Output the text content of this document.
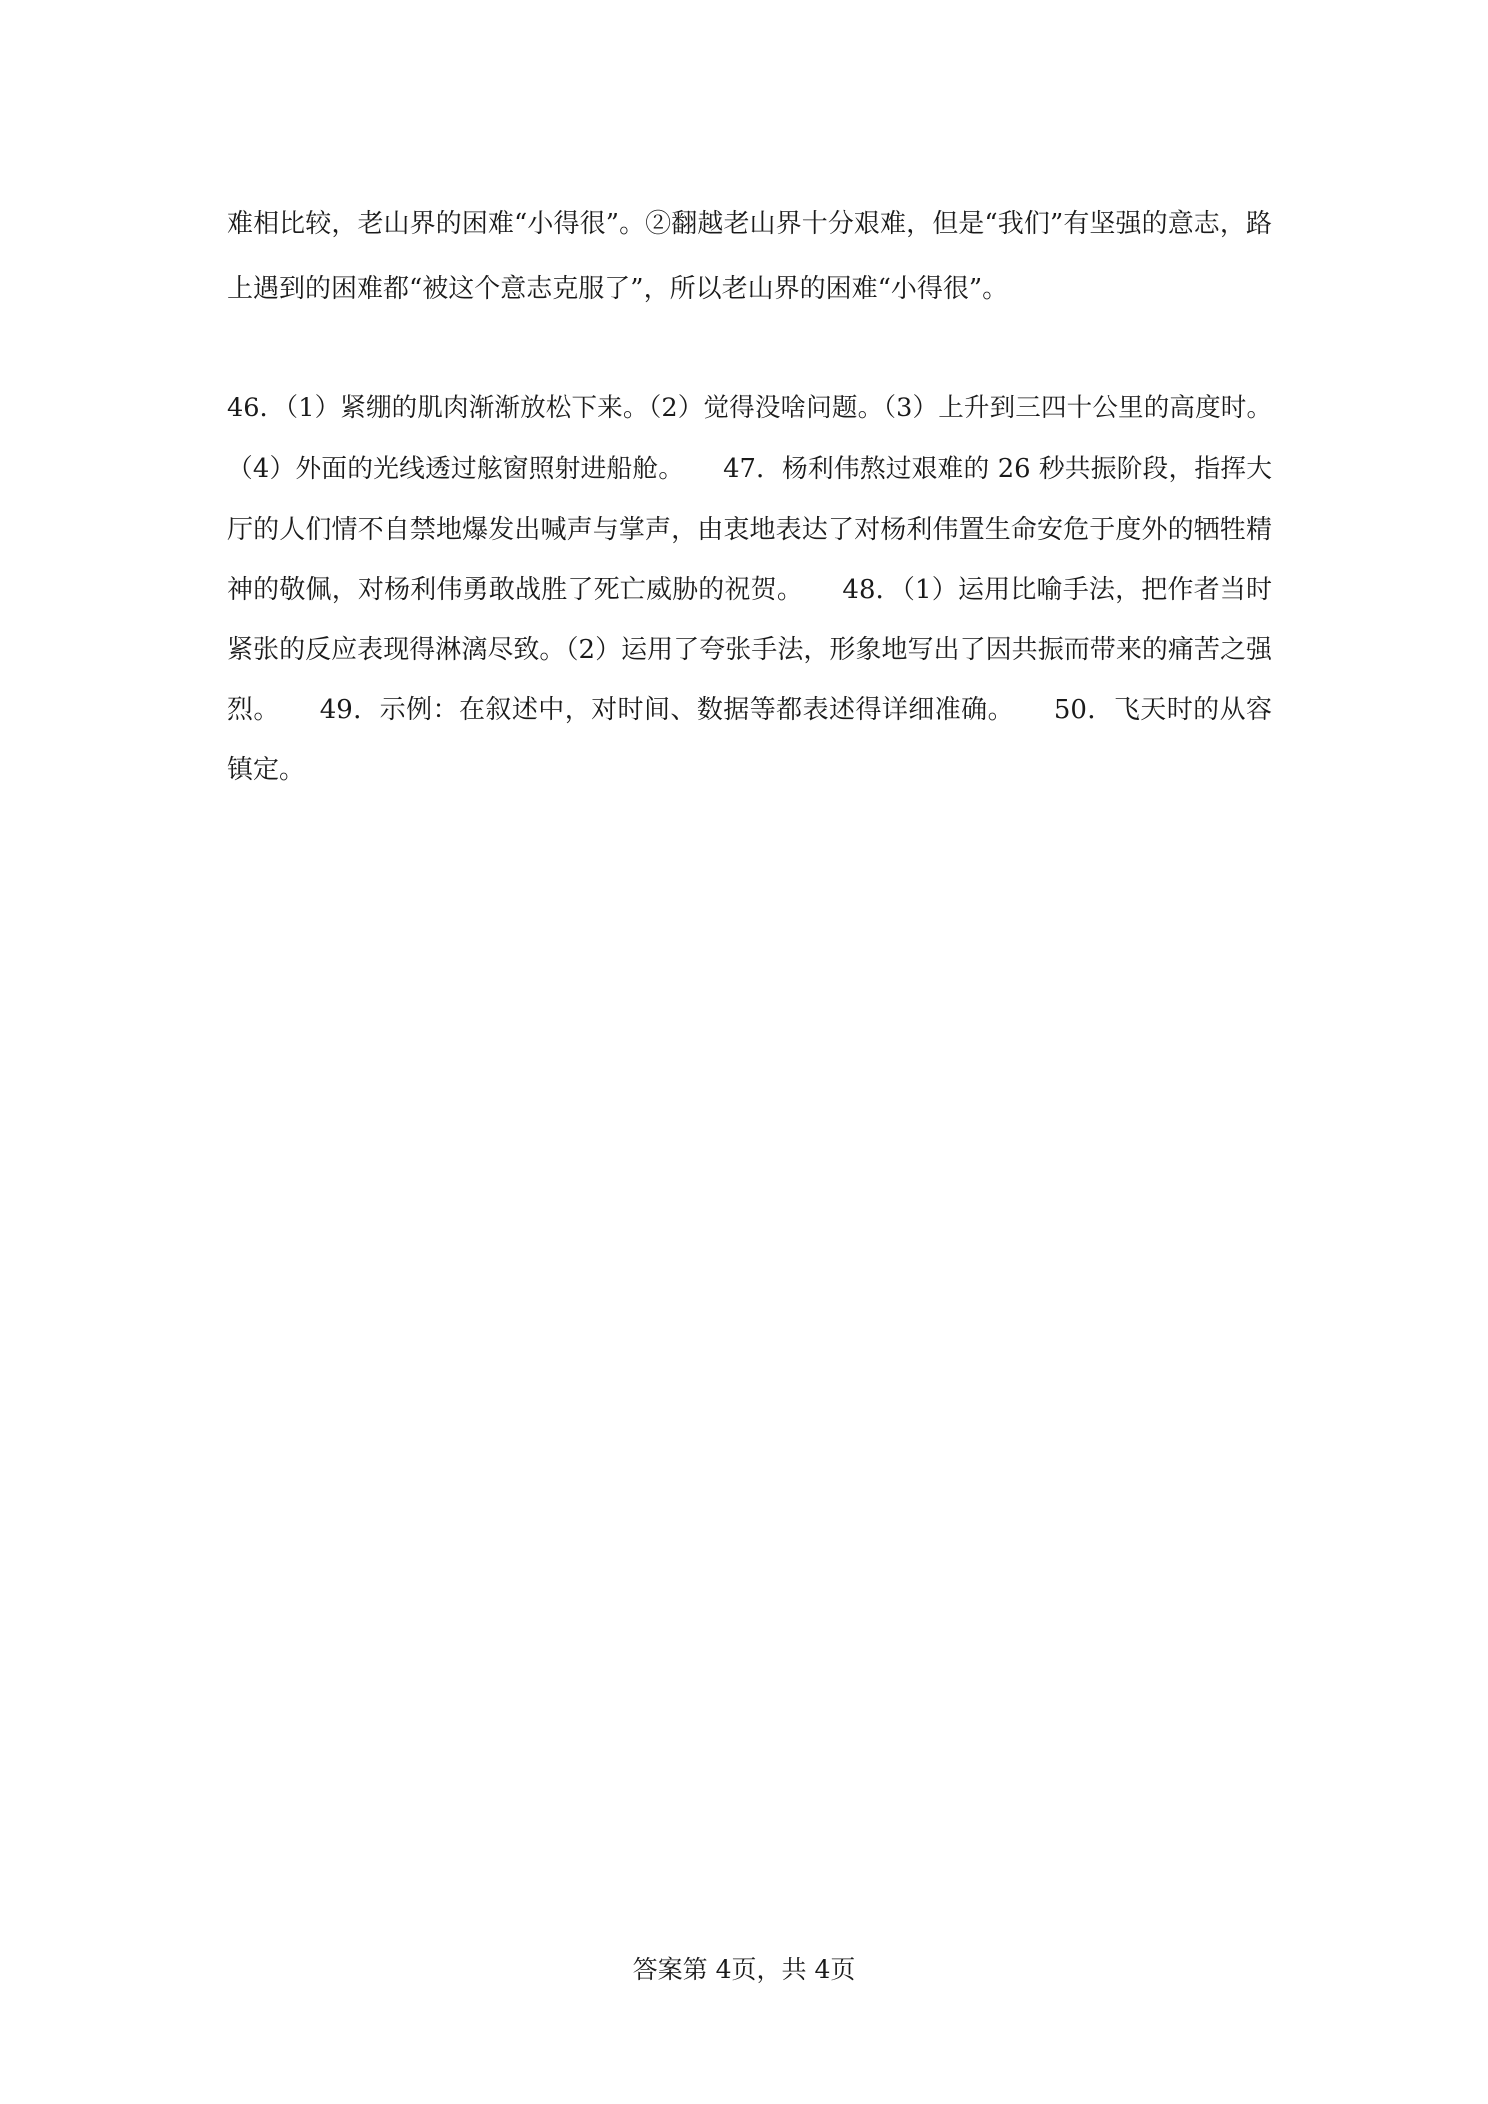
难相比较，老山界的困难“小得很”。②翻越老山界十分艰难，但是“我们”有坚强的意志，路
上遇到的困难都“被这个意志克服了”，所以老山界的困难“小得很”。
46．（1）紧绷的肌肉渐渐放松下来。（2）觉得没啥问题。（3）上升到三四十公里的高度时。
（4）外面的光线透过舷窗照射进船舱。　　47．杨利伟熬过艰难的 26 秒共振阶段，指挥大
厅的人们情不自禁地爆发出喊声与掌声，由衷地表达了对杨利伟置生命安危于度外的牺牲精
神的敬佩，对杨利伟勇敢战胜了死亡威胁的祝贺。　　48．（1）运用比喻手法，把作者当时
紧张的反应表现得淋漓尽致。（2）运用了夸张手法，形象地写出了因共振而带来的痛苦之强
烈。　　49．示例：在叙述中，对时间、数据等都表述得详细准确。　　50．飞天时的从容
镇定。
答案第 4页，共 4页
